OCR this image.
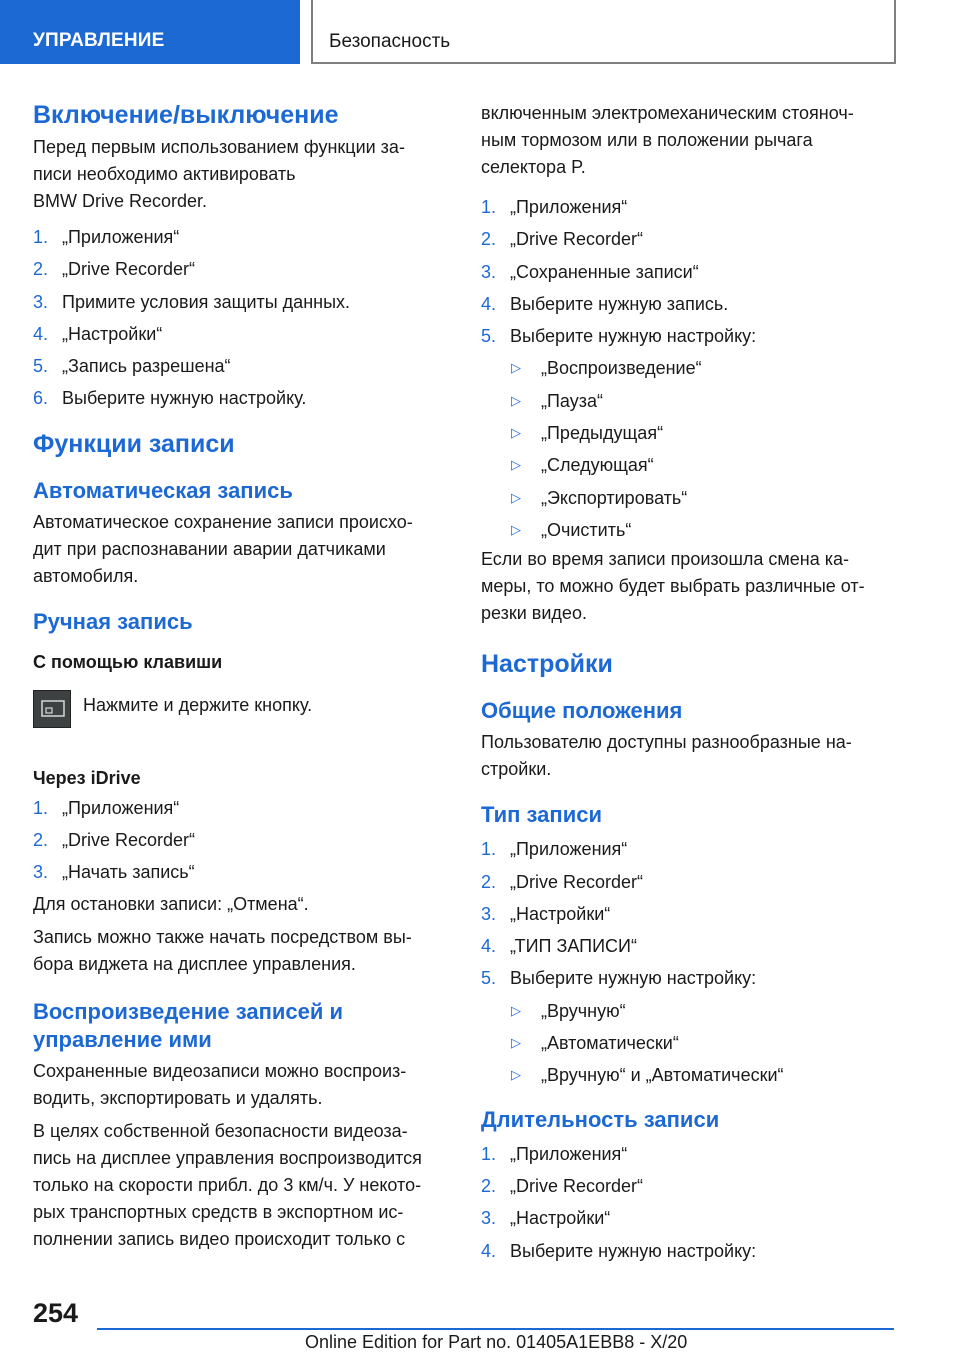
УПРАВЛЕНИЕ	Безопасность
Включение/выключение
Перед первым использованием функции за-
писи необходимо активировать
BMW Drive Recorder.
1. „Приложения“
2. „Drive Recorder“
3. Примите условия защиты данных.
4. „Настройки“
5. „Запись разрешена“
6. Выберите нужную настройку.
Функции записи
Автоматическая запись
Автоматическое сохранение записи происхо-
дит при распознавании аварии датчиками
автомобиля.
Ручная запись
С помощью клавиши
Нажмите и держите кнопку.
Через iDrive
1. „Приложения“
2. „Drive Recorder“
3. „Начать запись“
Для остановки записи: „Отмена“.
Запись можно также начать посредством вы-
бора виджета на дисплее управления.
Воспроизведение записей и
управление ими
Сохраненные видеозаписи можно воспроиз-
водить, экспортировать и удалять.
В целях собственной безопасности видеоза-
пись на дисплее управления воспроизводится
только на скорости прибл. до 3 км/ч. У некото-
рых транспортных средств в экспортном ис-
полнении запись видео происходит только с
включенным электромеханическим стояноч-
ным тормозом или в положении рычага
селектора P.
1. „Приложения“
2. „Drive Recorder“
3. „Сохраненные записи“
4. Выберите нужную запись.
5. Выберите нужную настройку:
▷ „Воспроизведение“
▷ „Пауза“
▷ „Предыдущая“
▷ „Следующая“
▷ „Экспортировать“
▷ „Очистить“
Если во время записи произошла смена ка-
меры, то можно будет выбрать различные от-
резки видео.
Настройки
Общие положения
Пользователю доступны разнообразные на-
стройки.
Тип записи
1. „Приложения“
2. „Drive Recorder“
3. „Настройки“
4. „ТИП ЗАПИСИ“
5. Выберите нужную настройку:
▷ „Вручную“
▷ „Автоматически“
▷ „Вручную“ и „Автоматически“
Длительность записи
1. „Приложения“
2. „Drive Recorder“
3. „Настройки“
4. Выберите нужную настройку:
254
Online Edition for Part no. 01405A1EBB8 - X/20
